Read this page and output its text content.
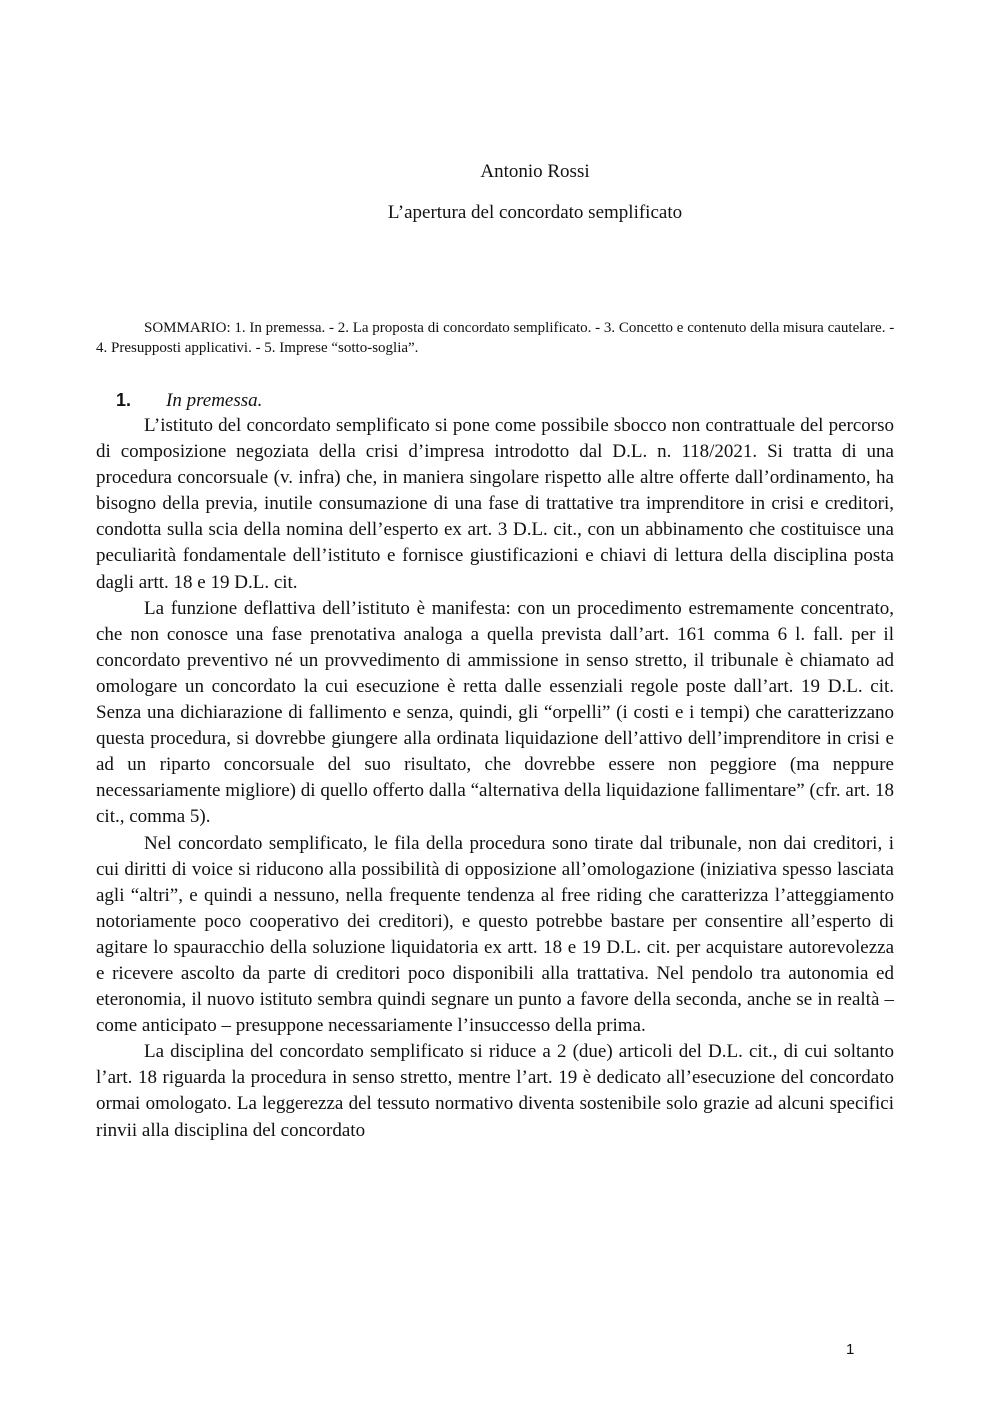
Antonio Rossi
L’apertura del concordato semplificato
SOMMARIO: 1. In premessa. - 2. La proposta di concordato semplificato. - 3. Concetto e contenuto della misura cautelare. - 4. Presupposti applicativi. - 5. Imprese “sotto-soglia”.
1.	In premessa.

L’istituto del concordato semplificato si pone come possibile sbocco non contrattuale del percorso di composizione negoziata della crisi d’impresa introdotto dal D.L. n. 118/2021. Si tratta di una procedura concorsuale (v. infra) che, in maniera singolare rispetto alle altre offerte dall’ordinamento, ha bisogno della previa, inutile consumazione di una fase di trattative tra imprenditore in crisi e creditori, condotta sulla scia della nomina dell’esperto ex art. 3 D.L. cit., con un abbinamento che costituisce una peculiarità fondamentale dell’istituto e fornisce giustificazioni e chiavi di lettura della disciplina posta dagli artt. 18 e 19 D.L. cit.

La funzione deflattiva dell’istituto è manifesta: con un procedimento estremamente concentrato, che non conosce una fase prenotativa analoga a quella prevista dall’art. 161 comma 6 l. fall. per il concordato preventivo né un provvedimento di ammissione in senso stretto, il tribunale è chiamato ad omologare un concordato la cui esecuzione è retta dalle essenziali regole poste dall’art. 19 D.L. cit. Senza una dichiarazione di fallimento e senza, quindi, gli “orpelli” (i costi e i tempi) che caratterizzano questa procedura, si dovrebbe giungere alla ordinata liquidazione dell’attivo dell’imprenditore in crisi e ad un riparto concorsuale del suo risultato, che dovrebbe essere non peggiore (ma neppure necessariamente migliore) di quello offerto dalla “alternativa della liquidazione fallimentare” (cfr. art. 18 cit., comma 5).

Nel concordato semplificato, le fila della procedura sono tirate dal tribunale, non dai creditori, i cui diritti di voice si riducono alla possibilità di opposizione all’omologazione (iniziativa spesso lasciata agli “altri”, e quindi a nessuno, nella frequente tendenza al free riding che caratterizza l’atteggiamento notoriamente poco cooperativo dei creditori), e questo potrebbe bastare per consentire all’esperto di agitare lo spauracchio della soluzione liquidatoria ex artt. 18 e 19 D.L. cit. per acquistare autorevolezza e ricevere ascolto da parte di creditori poco disponibili alla trattativa. Nel pendolo tra autonomia ed eteronomia, il nuovo istituto sembra quindi segnare un punto a favore della seconda, anche se in realtà – come anticipato – presuppone necessariamente l’insuccesso della prima.

La disciplina del concordato semplificato si riduce a 2 (due) articoli del D.L. cit., di cui soltanto l’art. 18 riguarda la procedura in senso stretto, mentre l’art. 19 è dedicato all’esecuzione del concordato ormai omologato. La leggerezza del tessuto normativo diventa sostenibile solo grazie ad alcuni specifici rinvii alla disciplina del concordato

1
